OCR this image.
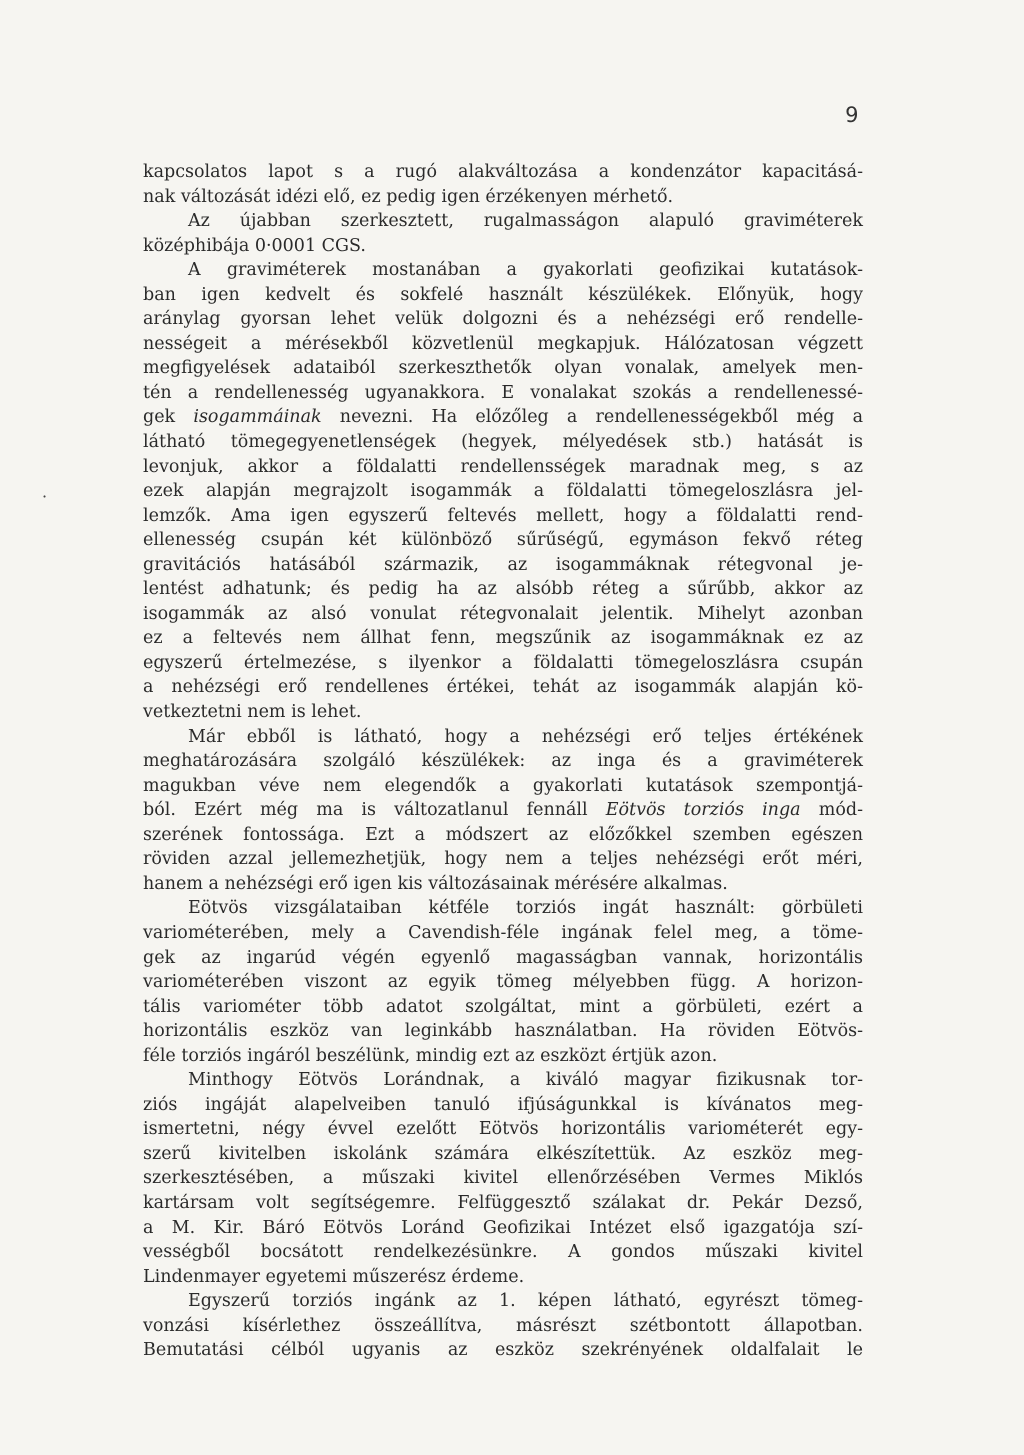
9
·
kapcsolatos lapot s a rugó alakváltozása a kondenzátor kapacitásá-
nak változását idézi elő, ez pedig igen érzékenyen mérhető.
Az újabban szerkesztett, rugalmasságon alapuló graviméterek
középhibája 0·0001 CGS.
A graviméterek mostanában a gyakorlati geofizikai kutatások-
ban igen kedvelt és sokfelé használt készülékek. Előnyük, hogy
aránylag gyorsan lehet velük dolgozni és a nehézségi erő rendelle-
nességeit a mérésekből közvetlenül megkapjuk. Hálózatosan végzett
megfigyelések adataiból szerkeszthetők olyan vonalak, amelyek men-
tén a rendellenesség ugyanakkora. E vonalakat szokás a rendellenessé-
gek isogammáinak nevezni. Ha előzőleg a rendellenességekből még a
látható tömegegyenetlenségek (hegyek, mélyedések stb.) hatását is
levonjuk, akkor a földalatti rendellensségek maradnak meg, s az
ezek alapján megrajzolt isogammák a földalatti tömegeloszlásra jel-
lemzők. Ama igen egyszerű feltevés mellett, hogy a földalatti rend-
ellenesség csupán két különböző sűrűségű, egymáson fekvő réteg
gravitációs hatásából származik, az isogammáknak rétegvonal je-
lentést adhatunk; és pedig ha az alsóbb réteg a sűrűbb, akkor az
isogammák az alsó vonulat rétegvonalait jelentik. Mihelyt azonban
ez a feltevés nem állhat fenn, megszűnik az isogammáknak ez az
egyszerű értelmezése, s ilyenkor a földalatti tömegeloszlásra csupán
a nehézségi erő rendellenes értékei, tehát az isogammák alapján kö-
vetkeztetni nem is lehet.
Már ebből is látható, hogy a nehézségi erő teljes értékének
meghatározására szolgáló készülékek: az inga és a graviméterek
magukban véve nem elegendők a gyakorlati kutatások szempontjá-
ból. Ezért még ma is változatlanul fennáll Eötvös torziós inga mód-
szerének fontossága. Ezt a módszert az előzőkkel szemben egészen
röviden azzal jellemezhetjük, hogy nem a teljes nehézségi erőt méri,
hanem a nehézségi erő igen kis változásainak mérésére alkalmas.
Eötvös vizsgálataiban kétféle torziós ingát használt: görbületi
variométerében, mely a Cavendish-féle ingának felel meg, a töme-
gek az ingarúd végén egyenlő magasságban vannak, horizontális
variométerében viszont az egyik tömeg mélyebben függ. A horizon-
tális variométer több adatot szolgáltat, mint a görbületi, ezért a
horizontális eszköz van leginkább használatban. Ha röviden Eötvös-
féle torziós ingáról beszélünk, mindig ezt az eszközt értjük azon.
Minthogy Eötvös Lorándnak, a kiváló magyar fizikusnak tor-
ziós ingáját alapelveiben tanuló ifjúságunkkal is kívánatos meg-
ismertetni, négy évvel ezelőtt Eötvös horizontális variométerét egy-
szerű kivitelben iskolánk számára elkészítettük. Az eszköz meg-
szerkesztésében, a műszaki kivitel ellenőrzésében Vermes Miklós
kartársam volt segítségemre. Felfüggesztő szálakat dr. Pekár Dezső,
a M. Kir. Báró Eötvös Loránd Geofizikai Intézet első igazgatója szí-
vességből bocsátott rendelkezésünkre. A gondos műszaki kivitel
Lindenmayer egyetemi műszerész érdeme.
Egyszerű torziós ingánk az 1. képen látható, egyrészt tömeg-
vonzási kísérlethez összeállítva, másrészt szétbontott állapotban.
Bemutatási célból ugyanis az eszköz szekrényének oldalfalait le
